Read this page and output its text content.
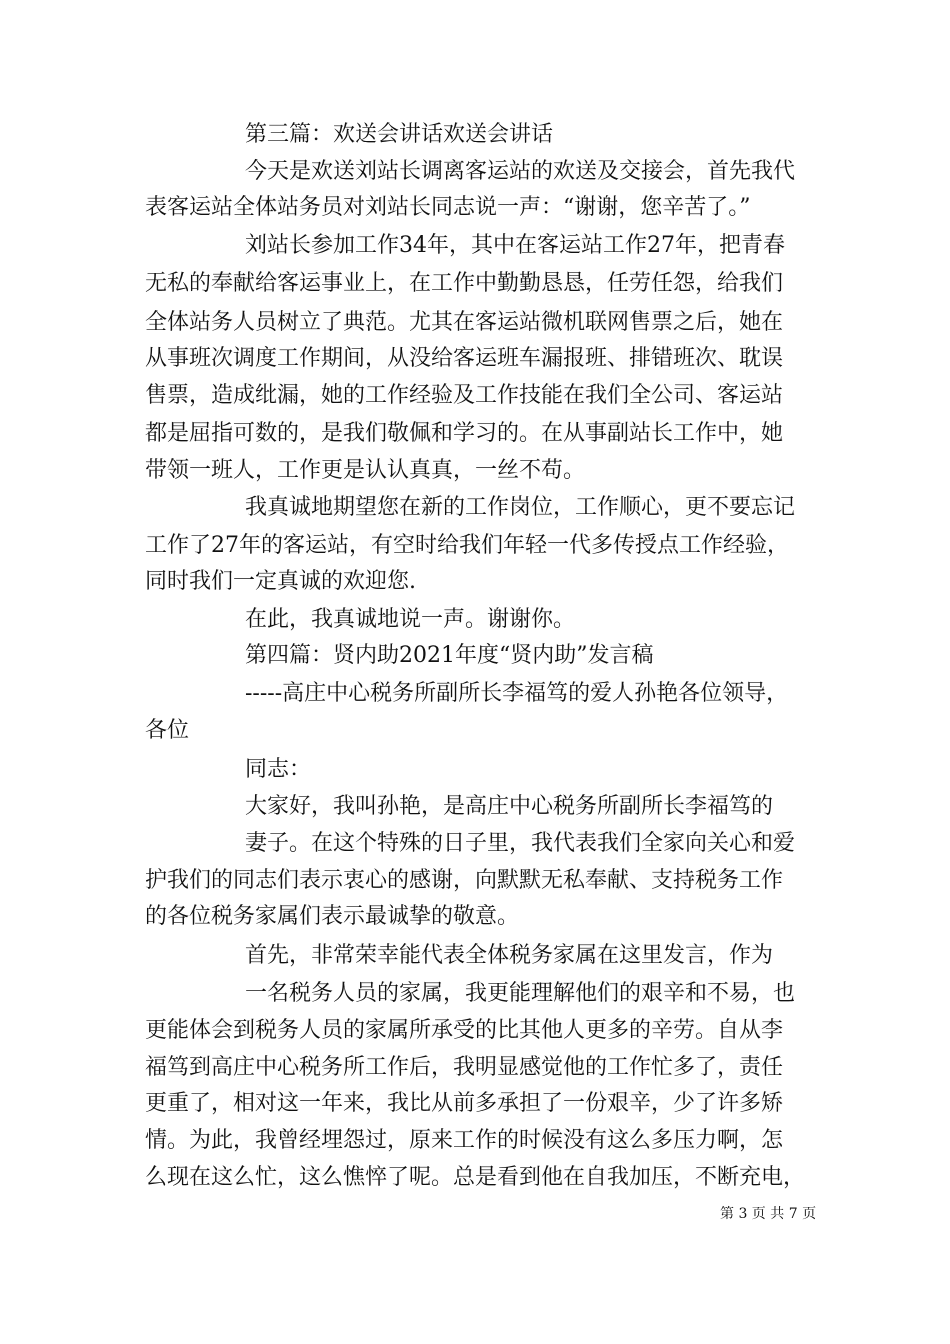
第三篇：欢送会讲话欢送会讲话
今天是欢送刘站长调离客运站的欢送及交接会，首先我代
表客运站全体站务员对刘站长同志说一声：“谢谢，您辛苦了。”
刘站长参加工作34年，其中在客运站工作27年，把青春
无私的奉献给客运事业上，在工作中勤勤恳恳，任劳任怨，给我们
全体站务人员树立了典范。尤其在客运站微机联网售票之后，她在
从事班次调度工作期间，从没给客运班车漏报班、排错班次、耽误
售票，造成纰漏，她的工作经验及工作技能在我们全公司、客运站
都是屈指可数的，是我们敬佩和学习的。在从事副站长工作中，她
带领一班人，工作更是认认真真，一丝不苟。
我真诚地期望您在新的工作岗位，工作顺心，更不要忘记
工作了27年的客运站，有空时给我们年轻一代多传授点工作经验，
同时我们一定真诚的欢迎您.
在此，我真诚地说一声。谢谢你。
第四篇：贤内助2021年度“贤内助”发言稿
-----高庄中心税务所副所长李福笃的爱人孙艳各位领导，
各位
同志：
大家好，我叫孙艳，是高庄中心税务所副所长李福笃的
妻子。在这个特殊的日子里，我代表我们全家向关心和爱
护我们的同志们表示衷心的感谢，向默默无私奉献、支持税务工作
的各位税务家属们表示最诚挚的敬意。
首先，非常荣幸能代表全体税务家属在这里发言，作为
一名税务人员的家属，我更能理解他们的艰辛和不易，也
更能体会到税务人员的家属所承受的比其他人更多的辛劳。自从李
福笃到高庄中心税务所工作后，我明显感觉他的工作忙多了，责任
更重了，相对这一年来，我比从前多承担了一份艰辛，少了许多矫
情。为此，我曾经埋怨过，原来工作的时候没有这么多压力啊，怎
么现在这么忙，这么憔悴了呢。总是看到他在自我加压，不断充电，
第 3 页 共 7 页
